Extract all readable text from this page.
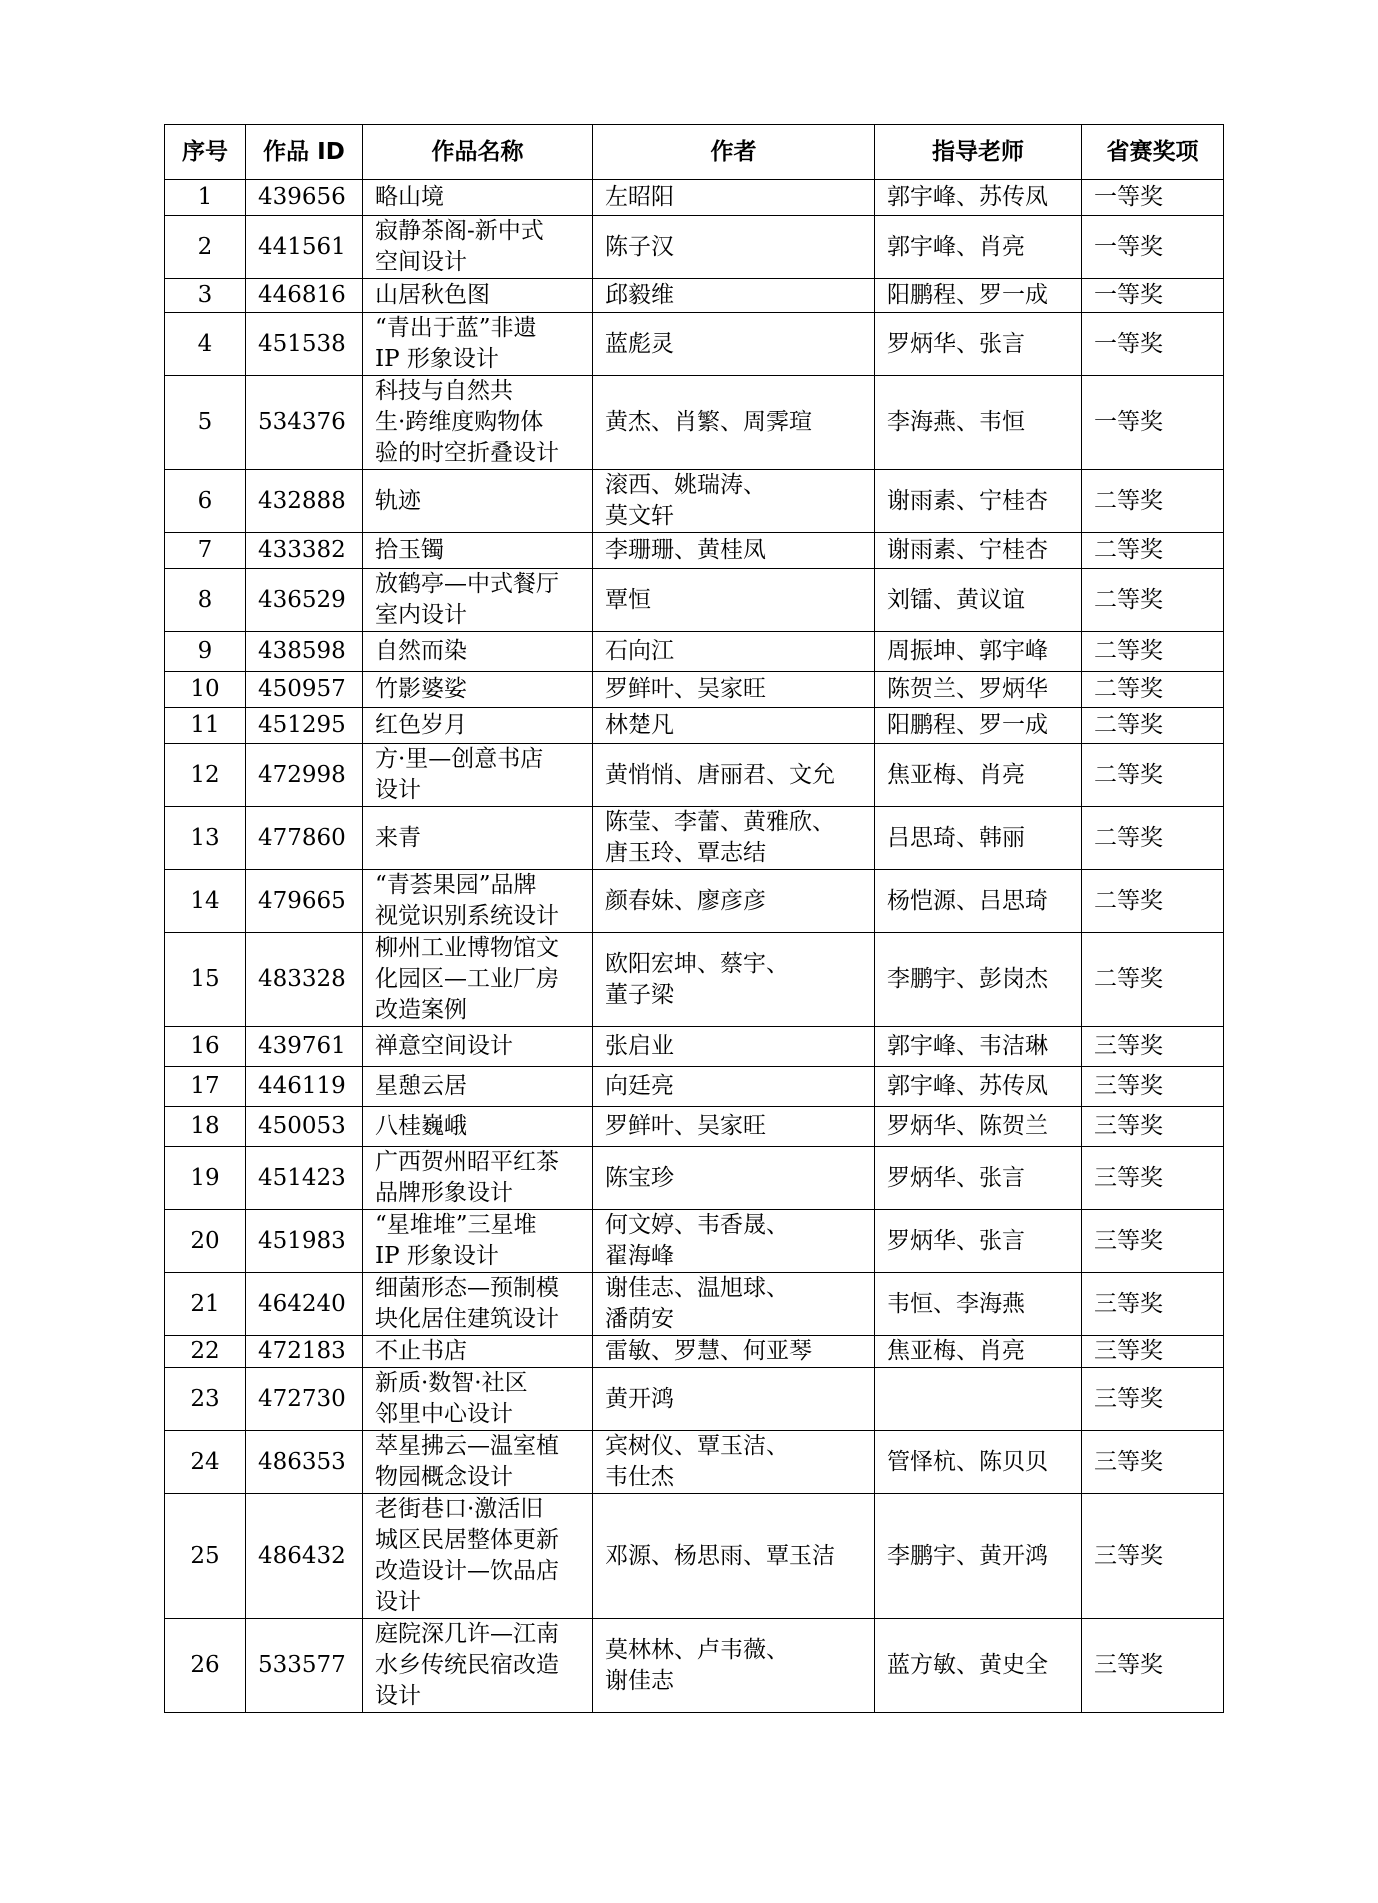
序号	作品 ID	作品名称	作者	指导老师	省赛奖项

1	439656	略山境	左昭阳	郭宇峰、苏传凤	一等奖

2	441561	寂静茶阁-新中式
空间设计	陈子汉	郭宇峰、肖亮	一等奖

3	446816	山居秋色图	邱毅维	阳鹏程、罗一成	一等奖

4	451538	“青出于蓝”非遗
IP 形象设计	蓝彪灵	罗炳华、张言	一等奖

5	534376	科技与自然共
生·跨维度购物体
验的时空折叠设计	黄杰、肖繁、周霁瑄	李海燕、韦恒	一等奖

6	432888	轨迹	滚西、姚瑞涛、
莫文轩	谢雨素、宁桂杏	二等奖

7	433382	拾玉镯	李珊珊、黄桂凤	谢雨素、宁桂杏	二等奖

8	436529	放鹤亭—中式餐厅
室内设计	覃恒	刘镭、黄议谊	二等奖

9	438598	自然而染	石向江	周振坤、郭宇峰	二等奖

10	450957	竹影婆娑	罗鲜叶、吴家旺	陈贺兰、罗炳华	二等奖

11	451295	红色岁月	林楚凡	阳鹏程、罗一成	二等奖

12	472998	方·里—创意书店
设计	黄悄悄、唐丽君、文允	焦亚梅、肖亮	二等奖

13	477860	来青	陈莹、李蕾、黄雅欣、
唐玉玲、覃志结	吕思琦、韩丽	二等奖

14	479665	“青荟果园”品牌
视觉识别系统设计	颜春妹、廖彦彦	杨恺源、吕思琦	二等奖

15	483328	柳州工业博物馆文
化园区—工业厂房
改造案例	欧阳宏坤、蔡宇、
董子梁	李鹏宇、彭岗杰	二等奖

16	439761	禅意空间设计	张启业	郭宇峰、韦洁琳	三等奖

17	446119	星憩云居	向廷亮	郭宇峰、苏传凤	三等奖

18	450053	八桂巍峨	罗鲜叶、吴家旺	罗炳华、陈贺兰	三等奖

19	451423	广西贺州昭平红茶
品牌形象设计	陈宝珍	罗炳华、张言	三等奖

20	451983	“星堆堆”三星堆
IP 形象设计	何文婷、韦香晟、
翟海峰	罗炳华、张言	三等奖

21	464240	细菌形态—预制模
块化居住建筑设计	谢佳志、温旭球、
潘荫安	韦恒、李海燕	三等奖

22	472183	不止书店	雷敏、罗慧、何亚琴	焦亚梅、肖亮	三等奖

23	472730	新质·数智·社区
邻里中心设计	黄开鸿		三等奖

24	486353	萃星拂云—温室植
物园概念设计	宾树仪、覃玉洁、
韦仕杰	管怿杭、陈贝贝	三等奖

25	486432	老街巷口·激活旧
城区民居整体更新
改造设计—饮品店
设计	邓源、杨思雨、覃玉洁	李鹏宇、黄开鸿	三等奖

26	533577	庭院深几许—江南
水乡传统民宿改造
设计	莫林林、卢韦薇、
谢佳志	蓝方敏、黄史全	三等奖
